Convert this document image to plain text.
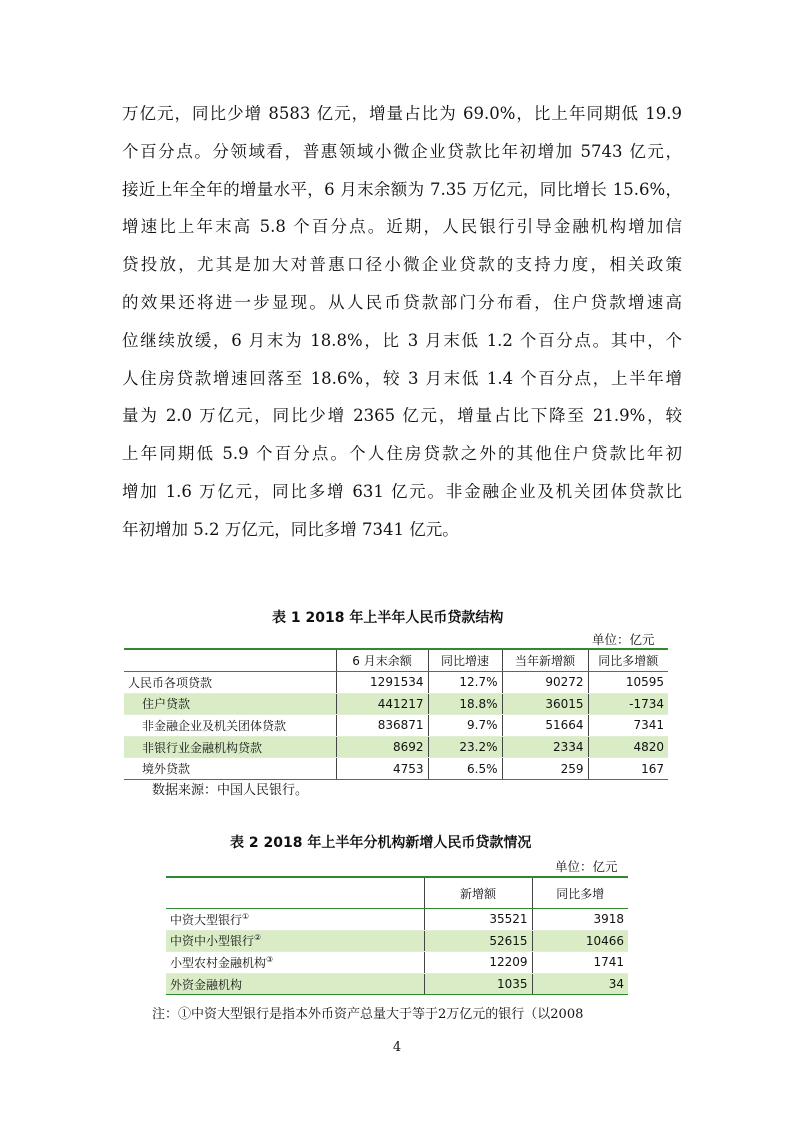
万亿元，同比少增 8583 亿元，增量占比为 69.0%，比上年同期低 19.9
个百分点。分领域看，普惠领域小微企业贷款比年初增加 5743 亿元，
接近上年全年的增量水平，6 月末余额为 7.35 万亿元，同比增长 15.6%，
增速比上年末高 5.8 个百分点。近期，人民银行引导金融机构增加信
贷投放，尤其是加大对普惠口径小微企业贷款的支持力度，相关政策
的效果还将进一步显现。从人民币贷款部门分布看，住户贷款增速高
位继续放缓，6 月末为 18.8%，比 3 月末低 1.2 个百分点。其中，个
人住房贷款增速回落至 18.6%，较 3 月末低 1.4 个百分点，上半年增
量为 2.0 万亿元，同比少增 2365 亿元，增量占比下降至 21.9%，较
上年同期低 5.9 个百分点。个人住房贷款之外的其他住户贷款比年初
增加 1.6 万亿元，同比多增 631 亿元。非金融企业及机关团体贷款比
年初增加 5.2 万亿元，同比多增 7341 亿元。
表 1 2018 年上半年人民币贷款结构
单位：亿元
	6 月末余额	同比增速	当年新增额	同比多增额
人民币各项贷款	1291534	12.7%	90272	10595
住户贷款	441217	18.8%	36015	-1734
非金融企业及机关团体贷款	836871	9.7%	51664	7341
非银行业金融机构贷款	8692	23.2%	2334	4820
境外贷款	4753	6.5%	259	167
数据来源：中国人民银行。
表 2 2018 年上半年分机构新增人民币贷款情况
单位：亿元
	新增额	同比多增
中资大型银行①	35521	3918
中资中小型银行②	52615	10466
小型农村金融机构③	12209	1741
外资金融机构	1035	34
注：①中资大型银行是指本外币资产总量大于等于2万亿元的银行（以2008
4
